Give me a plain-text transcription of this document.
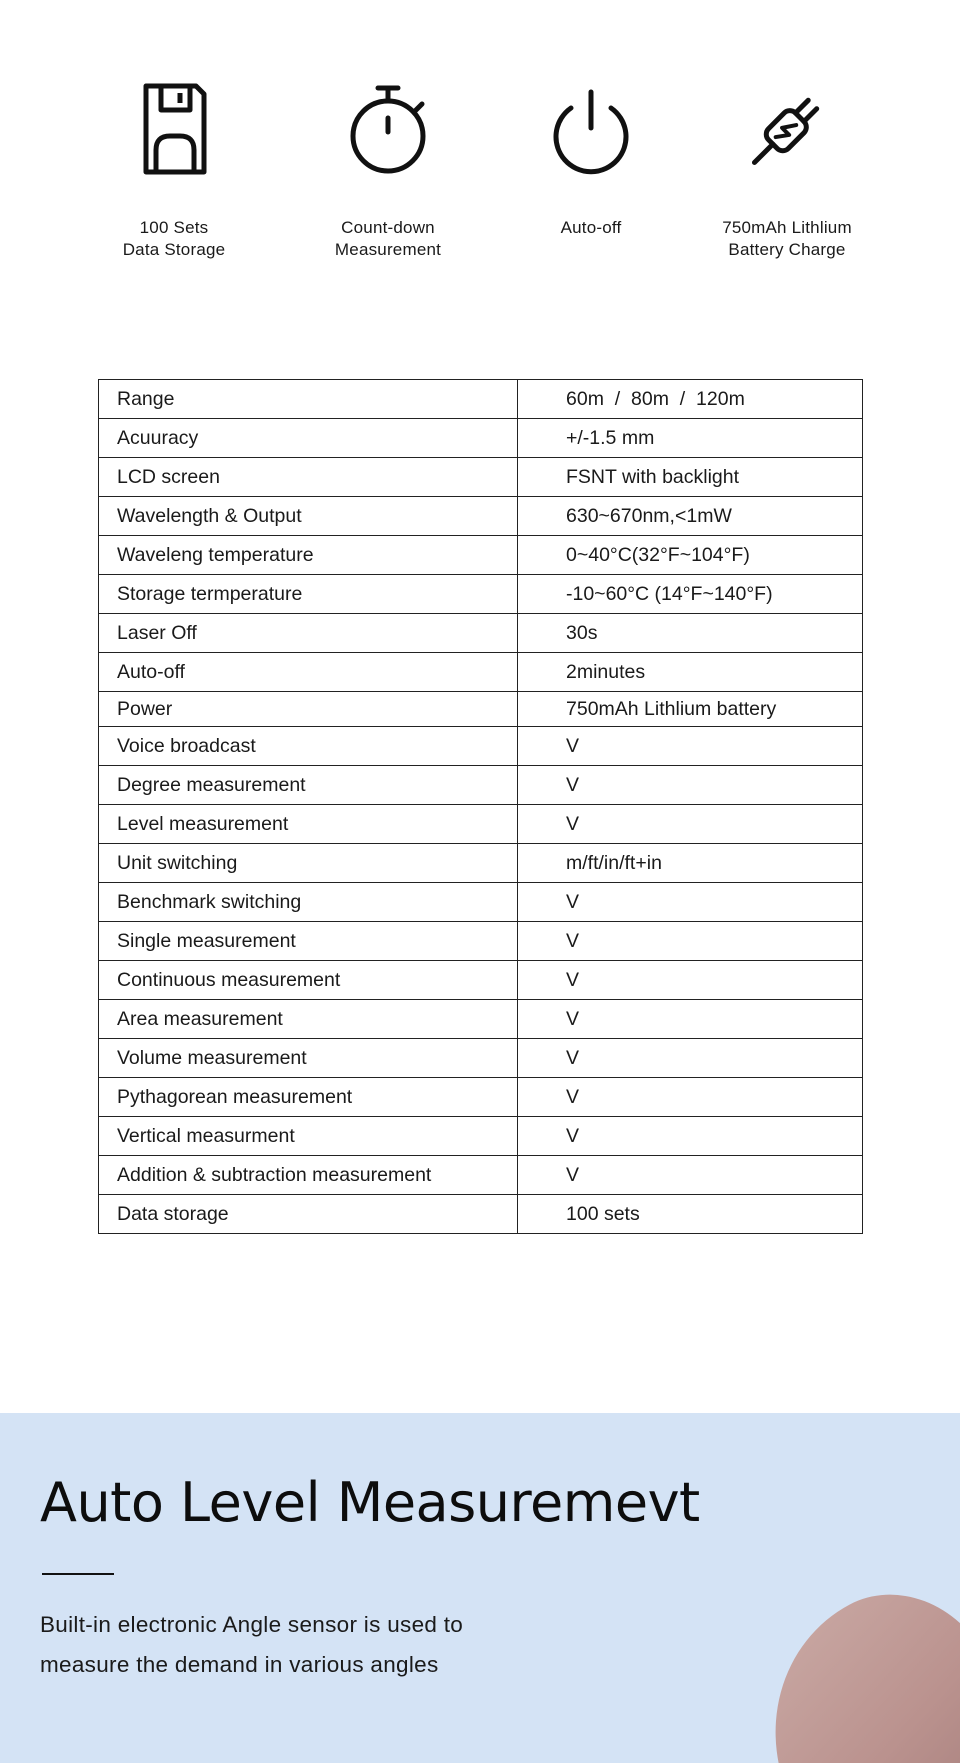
100 Sets
Data Storage
Count-down
Measurement
Auto-off	750mAh Lithlium
Battery Charge
Range	60m  /  80m  /  120m
Acuuracy	+/-1.5 mm
LCD screen	FSNT with backlight
Wavelength & Output	630~670nm,<1mW
Waveleng temperature	0~40°C(32°F~104°F)
Storage termperature	-10~60°C (14°F~140°F)
Laser Off	30s
Auto-off	2minutes
Power	750mAh Lithlium battery
Voice broadcast	V
Degree measurement	V
Level measurement	V
Unit switching	m/ft/in/ft+in
Benchmark switching	V
Single measurement	V
Continuous measurement	V
Area measurement	V
Volume measurement	V
Pythagorean measurement	V
Vertical measurment	V
Addition & subtraction measurement	V
Data storage	100 sets
Auto Level Measuremevt
Built-in electronic Angle sensor is used to
measure the demand in various angles
